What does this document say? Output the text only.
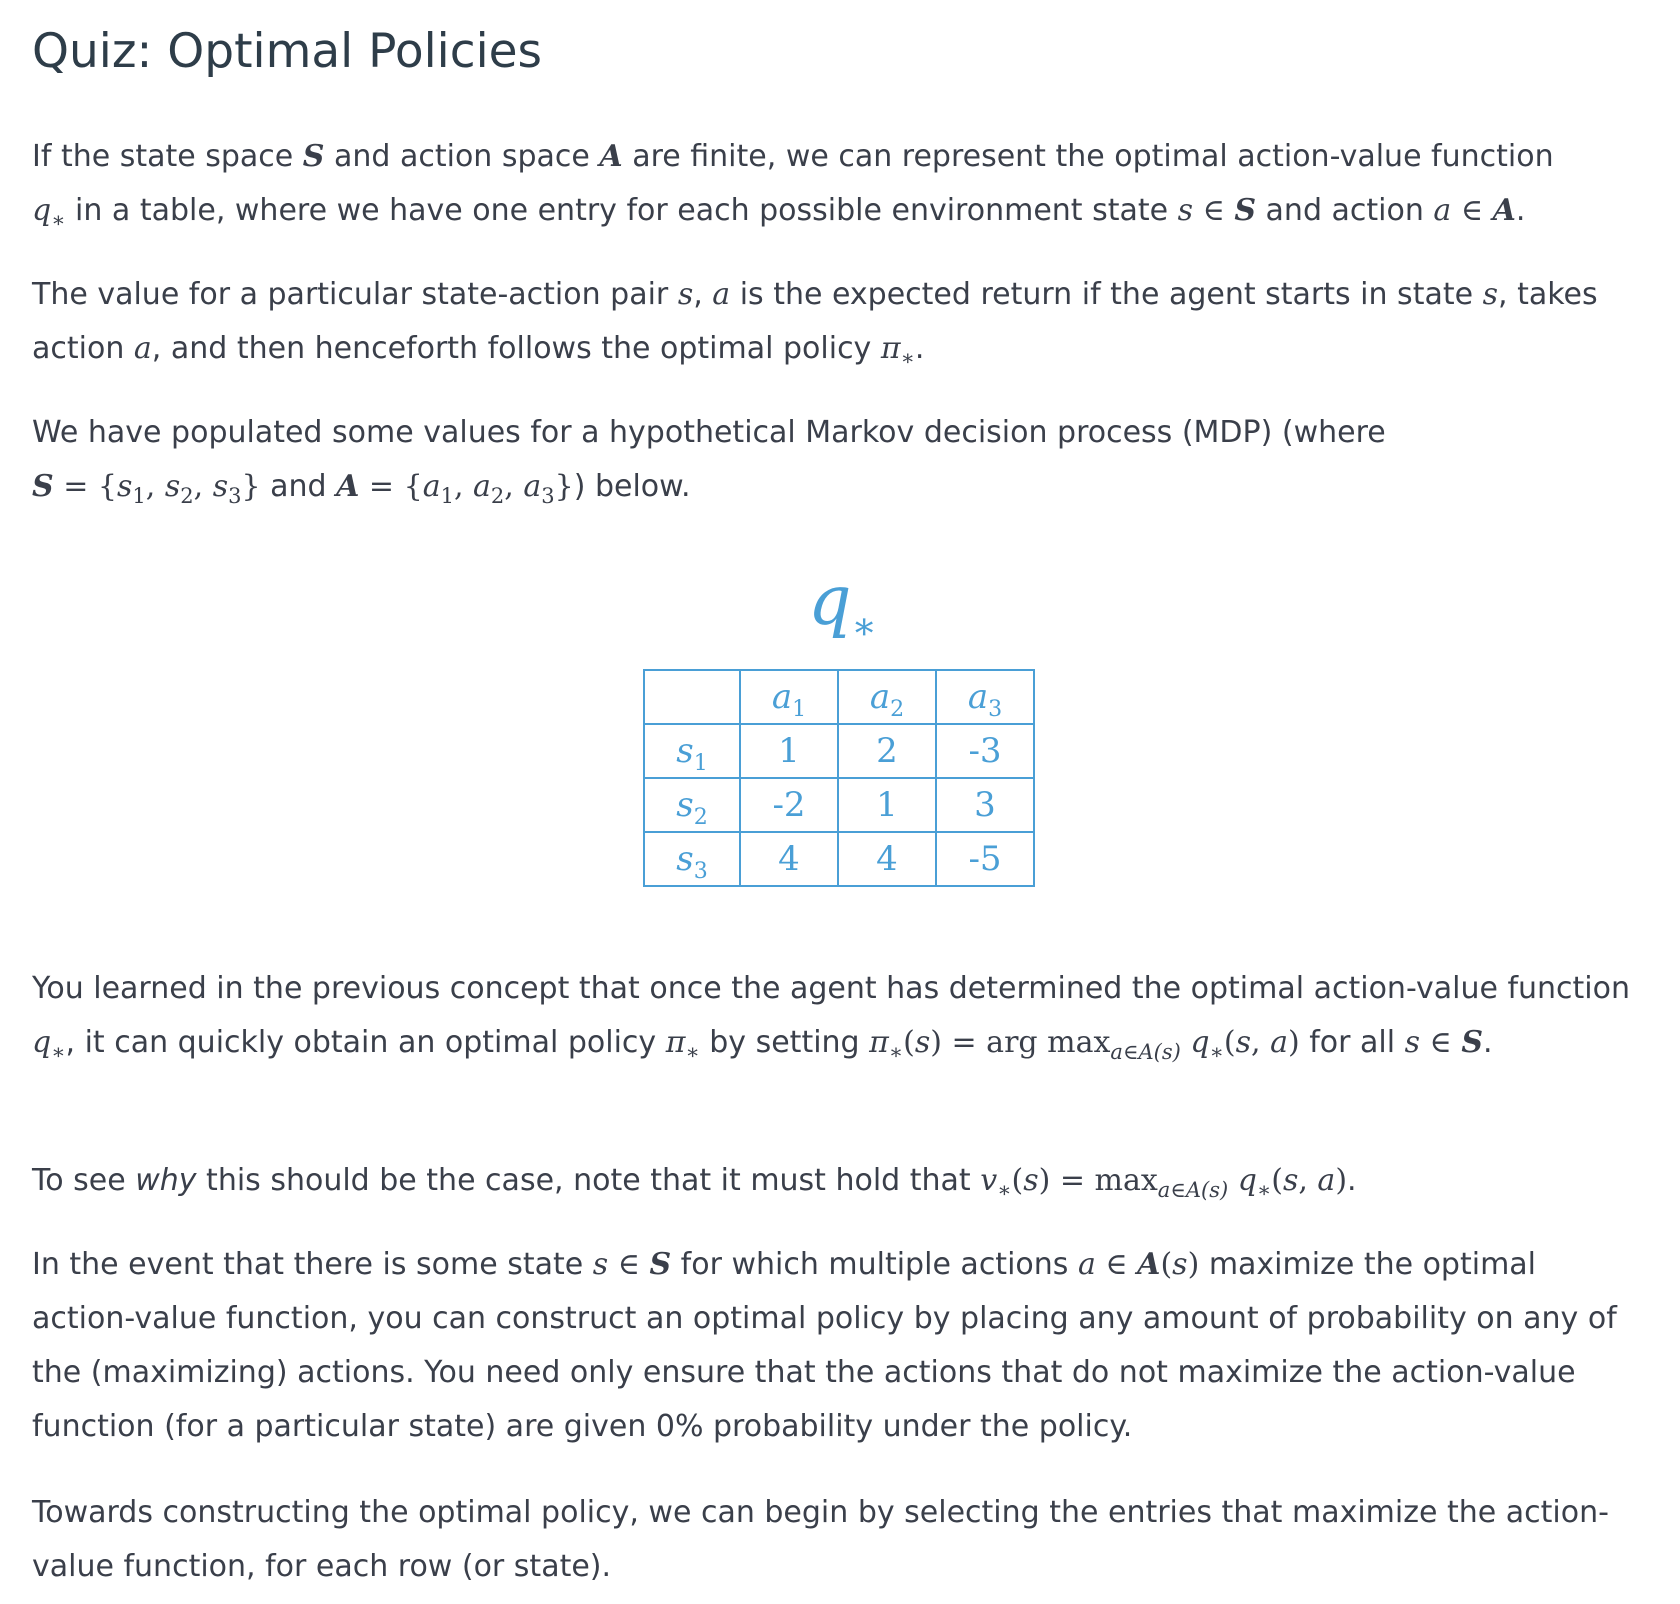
Quiz: Optimal Policies

If the state space S and action space A are finite, we can represent the optimal action-value function
$q_∗$ in a table, where we have one entry for each possible environment state s ∈ S and action a ∈ A.

The value for a particular state-action pair s, a is the expected return if the agent starts in state s, takes action a, and then henceforth follows the optimal policy $\pi_∗$.

We have populated some values for a hypothetical Markov decision process (MDP) (where
$S = \{s_1$, $s_2$, $s_3$} and $A = \{a_1$, $a_2$, $a_3$}) below.

$q_∗$
	$a_1$	$a_2$	$a_3$
$s_1$	1	2	-3
$s_2$	-2	1	3
$s_3$	4	4	-5

You learned in the previous concept that once the agent has determined the optimal action-value function $q_∗$, it can quickly obtain an optimal policy $\pi_∗$ by setting $\pi_∗(s)$ = arg $\max_{a\in A(s)} q_∗(s$, a) for all s ∈ S.

To see why this should be the case, note that it must hold that $v_∗(s) = \max_{a\in A(s)} q_∗(s$, a).

In the event that there is some state s ∈ S for which multiple actions a ∈ A(s) maximize the optimal action-value function, you can construct an optimal policy by placing any amount of probability on any of the (maximizing) actions. You need only ensure that the actions that do not maximize the action-value function (for a particular state) are given 0% probability under the policy.

Towards constructing the optimal policy, we can begin by selecting the entries that maximize the action-value function, for each row (or state).
